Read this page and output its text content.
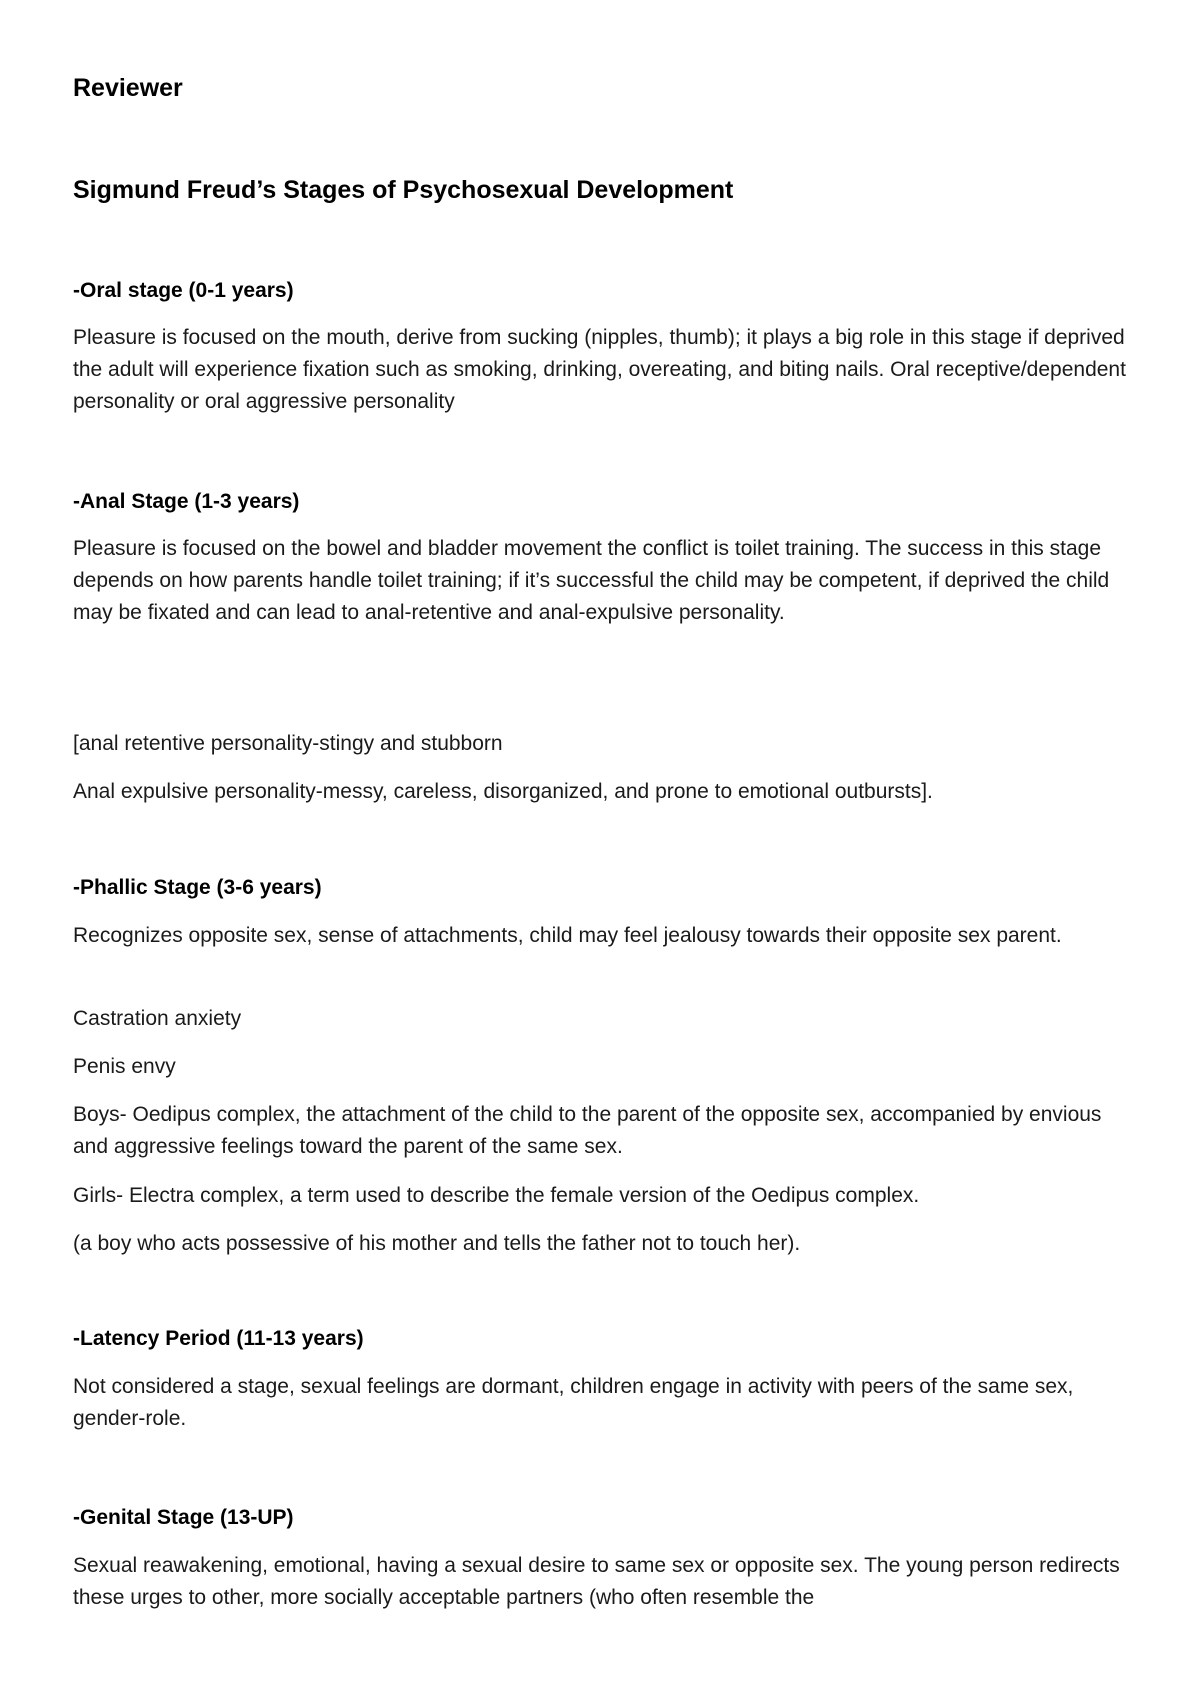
Reviewer
Sigmund Freud’s Stages of Psychosexual Development
-Oral stage (0-1 years)

Pleasure is focused on the mouth, derive from sucking (nipples, thumb); it plays a big role in this stage if deprived the adult will experience fixation such as smoking, drinking, overeating, and biting nails. Oral receptive/dependent personality or oral aggressive personality

-Anal Stage (1-3 years)

Pleasure is focused on the bowel and bladder movement the conflict is toilet training. The success in this stage depends on how parents handle toilet training; if it’s successful the child may be competent, if deprived the child may be fixated and can lead to anal-retentive and anal-expulsive personality.

[anal retentive personality-stingy and stubborn

Anal expulsive personality-messy, careless, disorganized, and prone to emotional outbursts].

-Phallic Stage (3-6 years)

Recognizes opposite sex, sense of attachments, child may feel jealousy towards their opposite sex parent.

Castration anxiety

Penis envy

Boys- Oedipus complex, the attachment of the child to the parent of the opposite sex, accompanied by envious and aggressive feelings toward the parent of the same sex.

Girls- Electra complex, a term used to describe the female version of the Oedipus complex.

(a boy who acts possessive of his mother and tells the father not to touch her).

-Latency Period (11-13 years)

Not considered a stage, sexual feelings are dormant, children engage in activity with peers of the same sex, gender-role.

-Genital Stage (13-UP)

Sexual reawakening, emotional, having a sexual desire to same sex or opposite sex. The young person redirects these urges to other, more socially acceptable partners (who often resemble the
